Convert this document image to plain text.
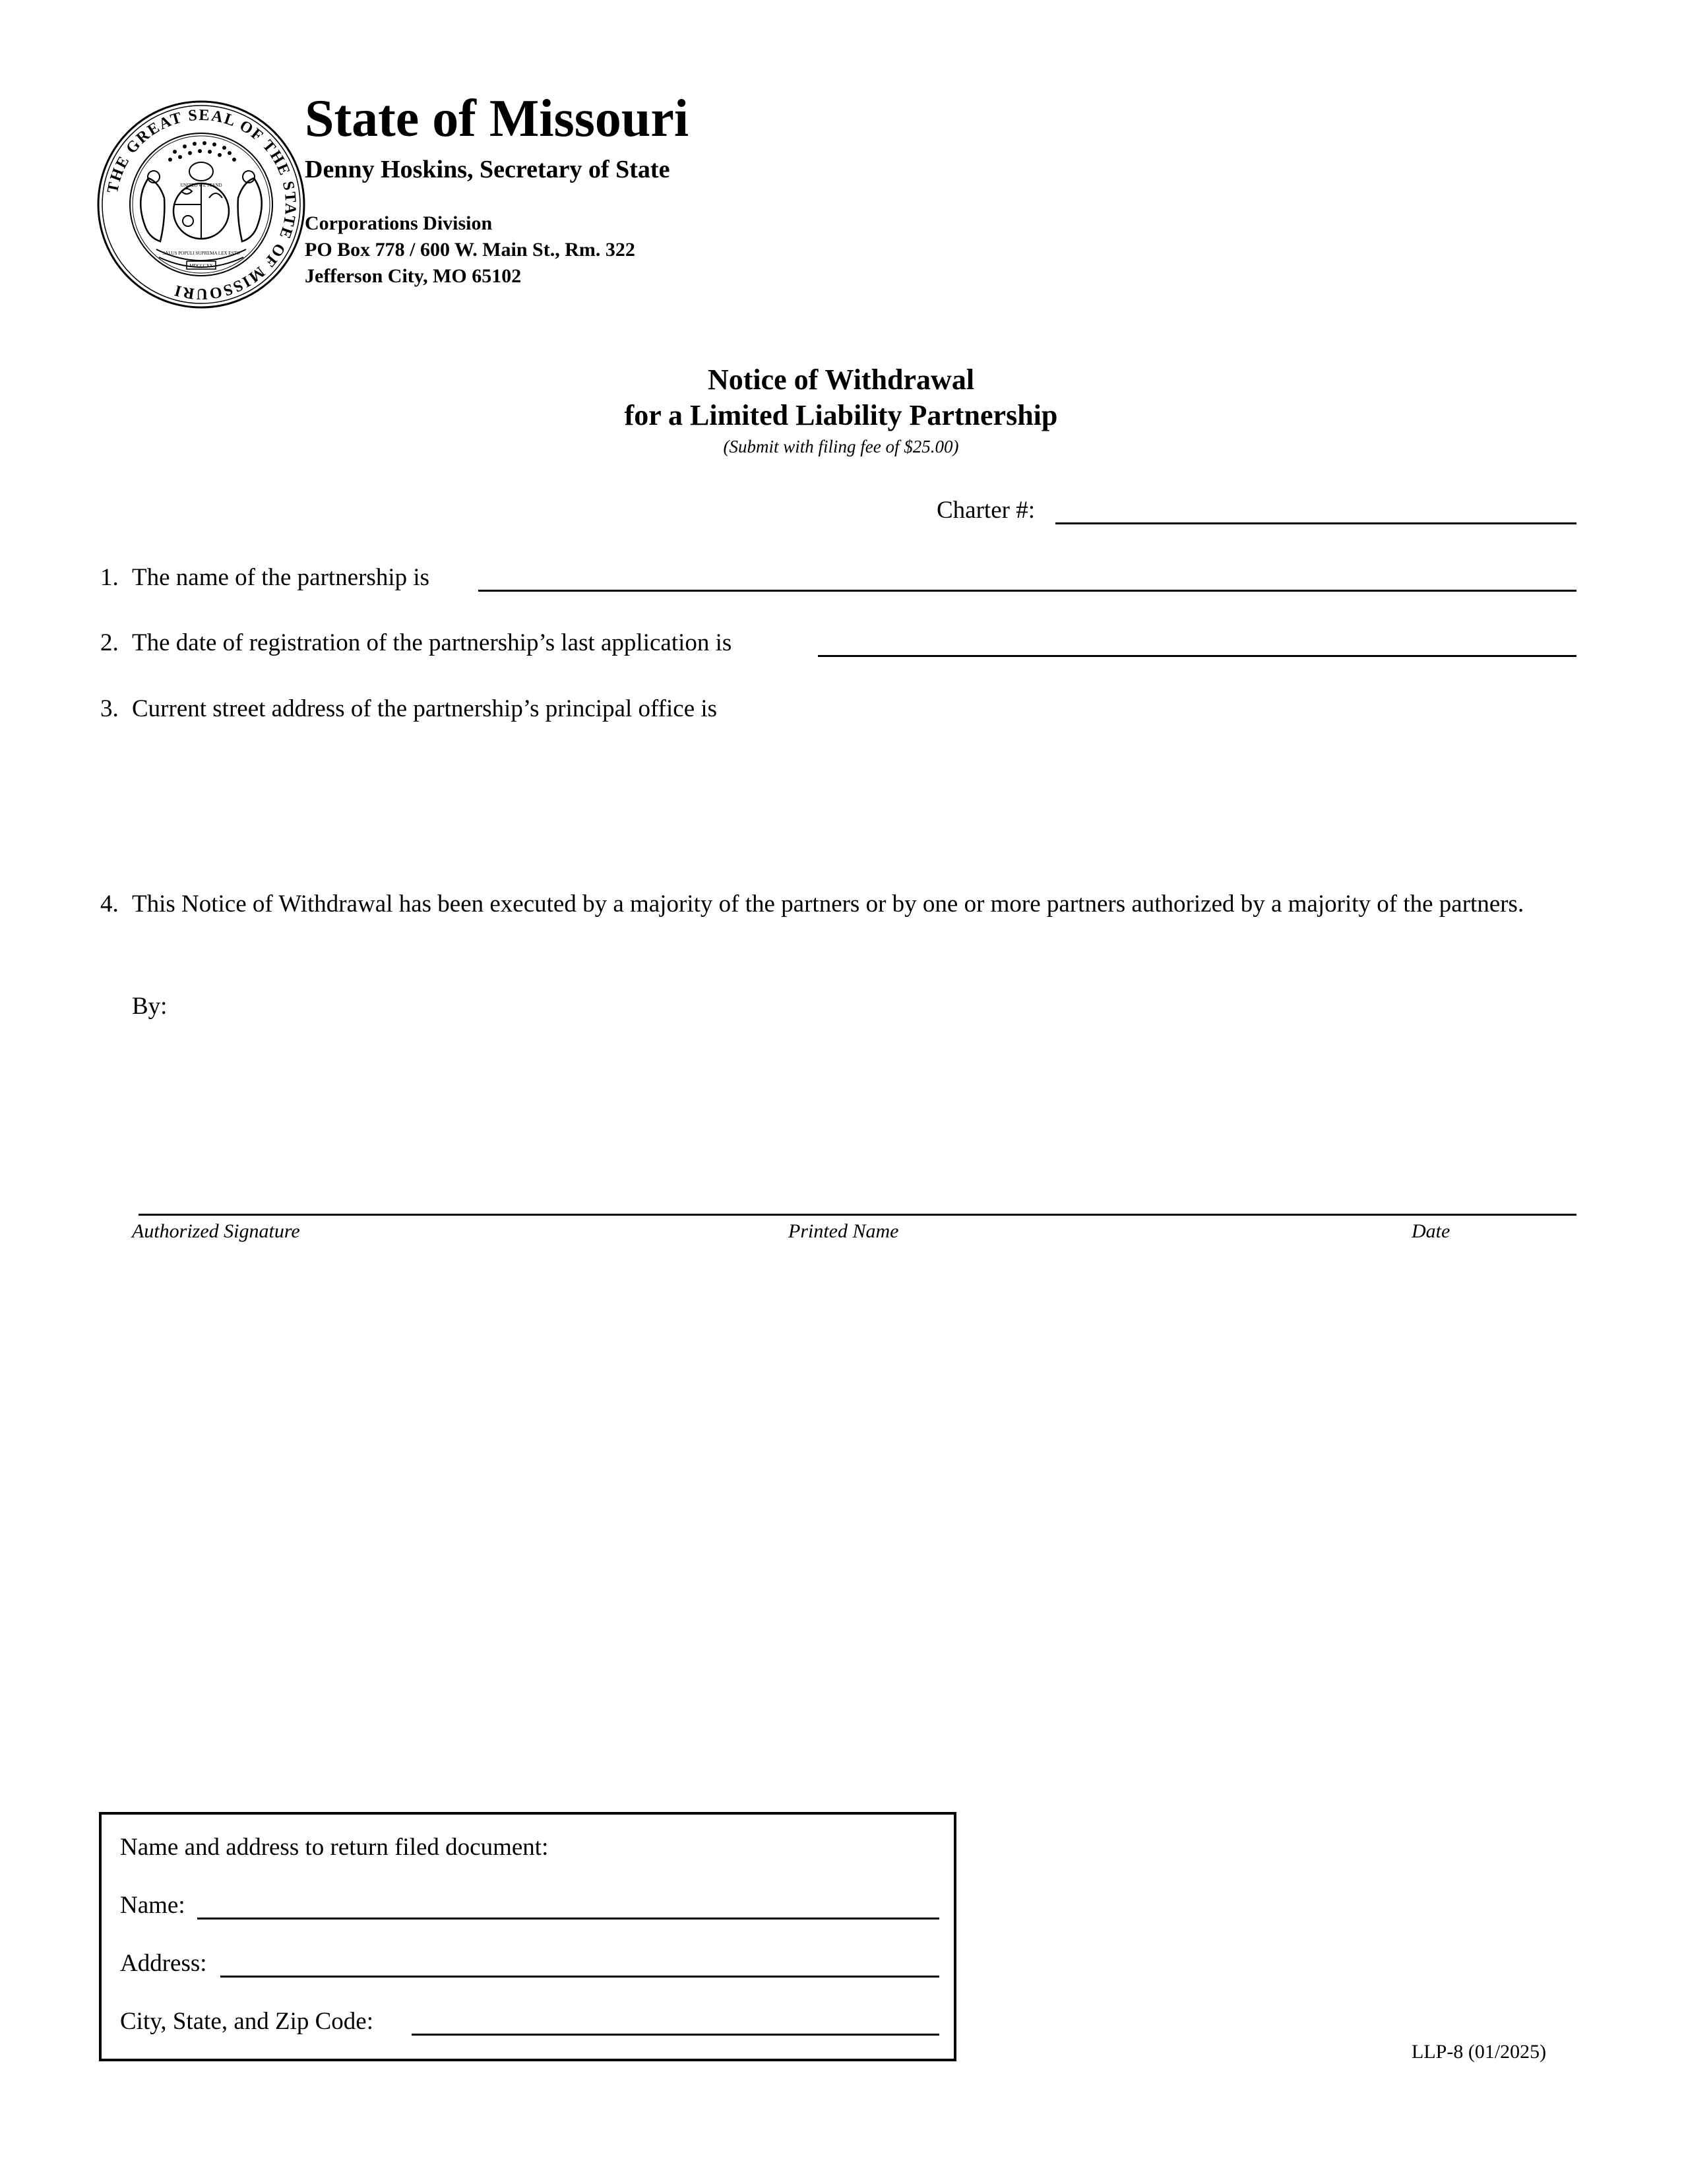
THE GREAT SEAL OF THE STATE OF MISSOURI
SALUS POPULI SUPREMA LEX ESTO
MDCCCXX
UNITED WE STAND
State of Missouri
Denny Hoskins, Secretary of State
Corporations Division
PO Box 778 / 600 W. Main St., Rm. 322
Jefferson City, MO 65102
Notice of Withdrawal
for a Limited Liability Partnership
(Submit with filing fee of $25.00)
Charter #:
1. The name of the partnership is
2. The date of registration of the partnership’s last application is
3. Current street address of the partnership’s principal office is
4. This Notice of Withdrawal has been executed by a majority of the partners or by one or more partners authorized by a majority of the partners.
By:
Authorized Signature	Printed Name	Date
Name and address to return filed document:
Name:
Address:
City, State, and Zip Code:
LLP-8 (01/2025)
